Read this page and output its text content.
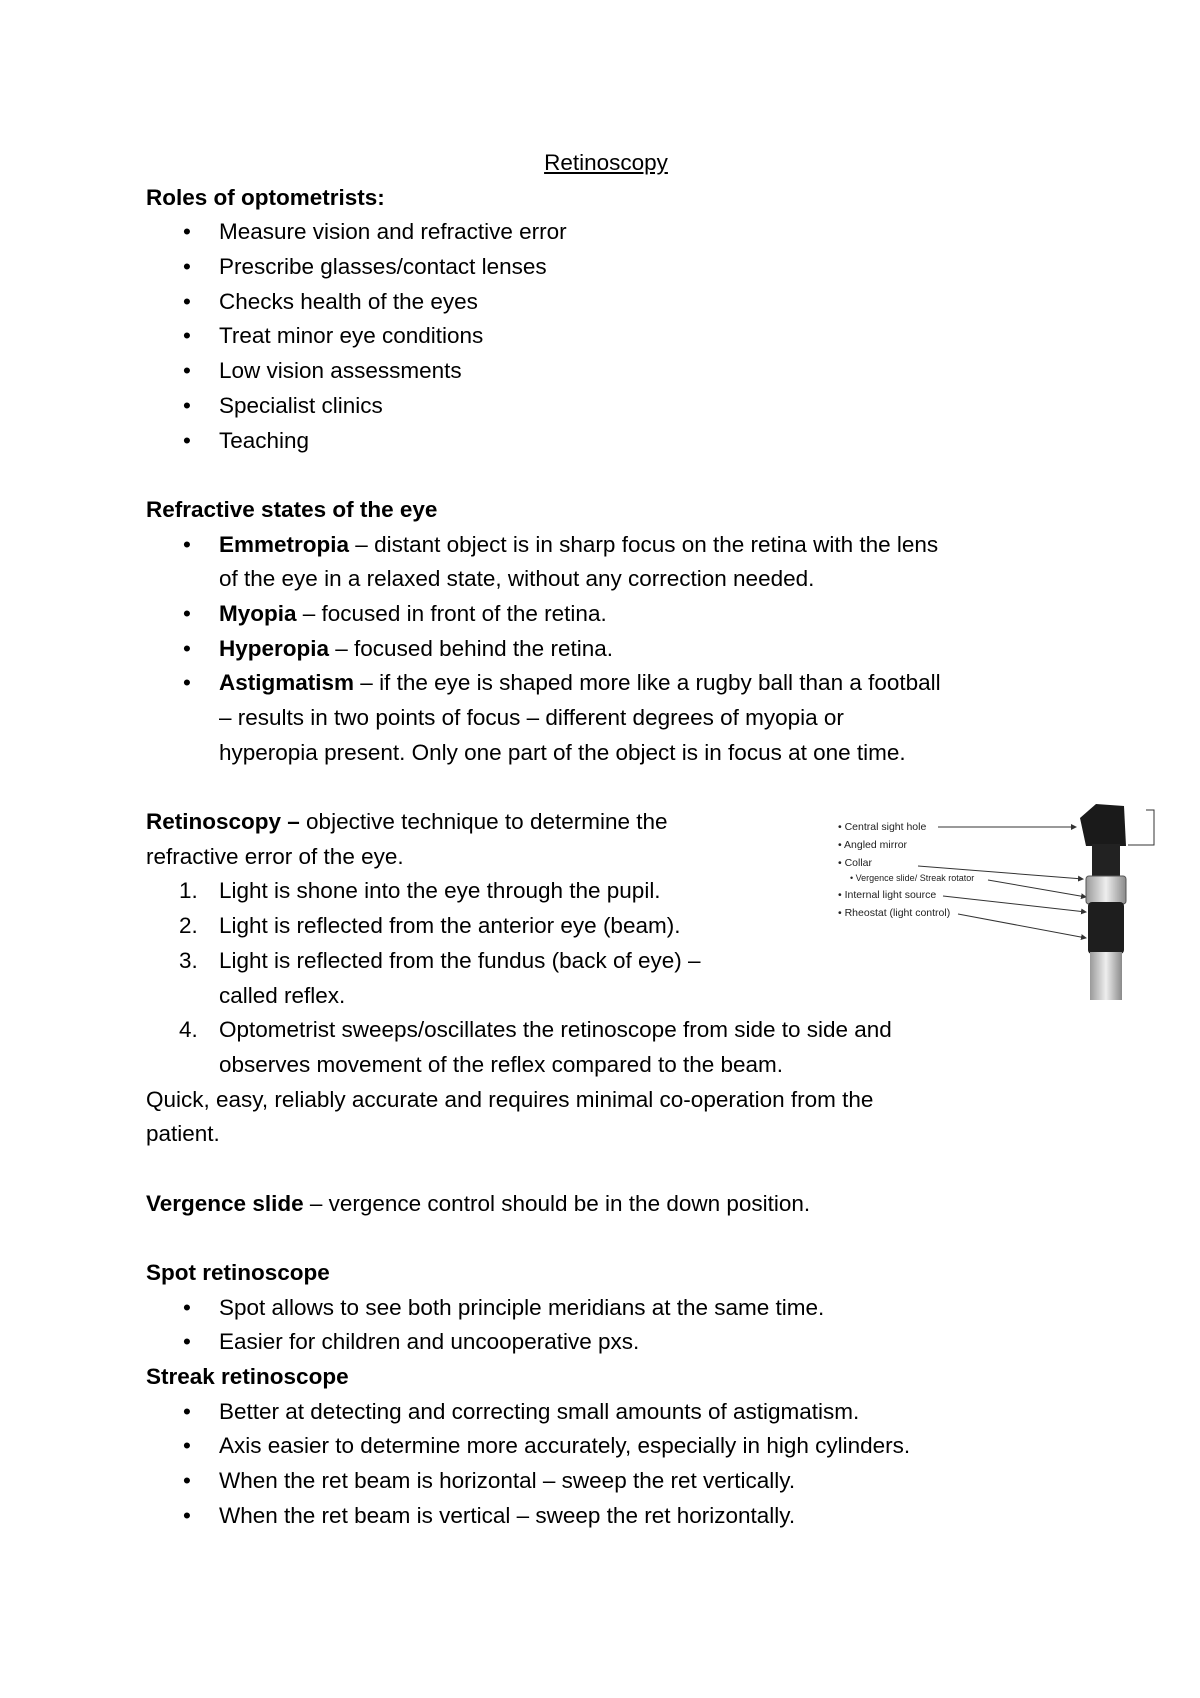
Retinoscopy
Roles of optometrists:
• Measure vision and refractive error
• Prescribe glasses/contact lenses
• Checks health of the eyes
• Treat minor eye conditions
• Low vision assessments
• Specialist clinics
• Teaching
Refractive states of the eye
• Emmetropia – distant object is in sharp focus on the retina with the lens
of the eye in a relaxed state, without any correction needed.
• Myopia – focused in front of the retina.
• Hyperopia – focused behind the retina.
• Astigmatism – if the eye is shaped more like a rugby ball than a football
– results in two points of focus – different degrees of myopia or
hyperopia present. Only one part of the object is in focus at one time.
Retinoscopy – objective technique to determine the
refractive error of the eye.
1. Light is shone into the eye through the pupil.
2. Light is reflected from the anterior eye (beam).
3. Light is reflected from the fundus (back of eye) –
called reflex.
4. Optometrist sweeps/oscillates the retinoscope from side to side and
observes movement of the reflex compared to the beam.
Quick, easy, reliably accurate and requires minimal co-operation from the
patient.
Vergence slide – vergence control should be in the down position.
Spot retinoscope
• Spot allows to see both principle meridians at the same time.
• Easier for children and uncooperative pxs.
Streak retinoscope
• Better at detecting and correcting small amounts of astigmatism.
• Axis easier to determine more accurately, especially in high cylinders.
• When the ret beam is horizontal – sweep the ret vertically.
• When the ret beam is vertical – sweep the ret horizontally.
• Central sight hole
• Angled mirror
• Collar
• Vergence slide/ Streak rotator
• Internal light source
• Rheostat (light control)
